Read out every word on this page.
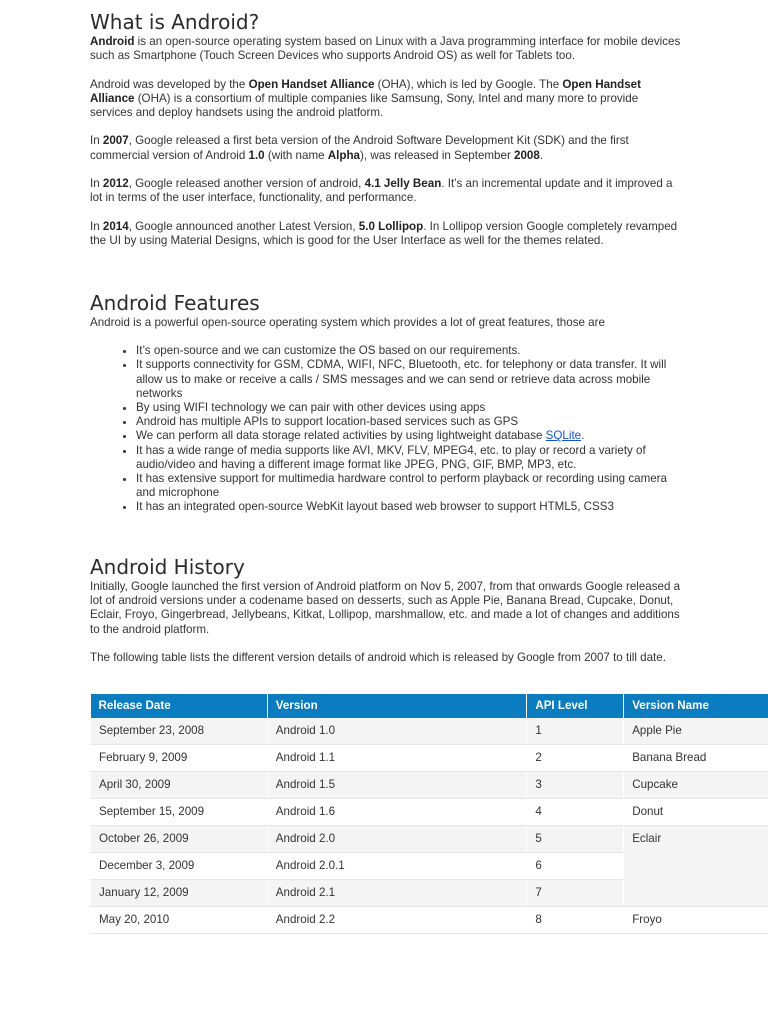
What is Android?

Android is an open-source operating system based on Linux with a Java programming interface for mobile devices such as Smartphone (Touch Screen Devices who supports Android OS) as well for Tablets too.

Android was developed by the Open Handset Alliance (OHA), which is led by Google. The Open Handset Alliance (OHA) is a consortium of multiple companies like Samsung, Sony, Intel and many more to provide services and deploy handsets using the android platform.

In 2007, Google released a first beta version of the Android Software Development Kit (SDK) and the first commercial version of Android 1.0 (with name Alpha), was released in September 2008.

In 2012, Google released another version of android, 4.1 Jelly Bean. It’s an incremental update and it improved a lot in terms of the user interface, functionality, and performance.

In 2014, Google announced another Latest Version, 5.0 Lollipop. In Lollipop version Google completely revamped the UI by using Material Designs, which is good for the User Interface as well for the themes related.

Android Features

Android is a powerful open-source operating system which provides a lot of great features, those are

• It’s open-source and we can customize the OS based on our requirements.
• It supports connectivity for GSM, CDMA, WIFI, NFC, Bluetooth, etc. for telephony or data transfer. It will allow us to make or receive a calls / SMS messages and we can send or retrieve data across mobile networks
• By using WIFI technology we can pair with other devices using apps
• Android has multiple APIs to support location-based services such as GPS
• We can perform all data storage related activities by using lightweight database SQLite.
• It has a wide range of media supports like AVI, MKV, FLV, MPEG4, etc. to play or record a variety of audio/video and having a different image format like JPEG, PNG, GIF, BMP, MP3, etc.
• It has extensive support for multimedia hardware control to perform playback or recording using camera and microphone
• It has an integrated open-source WebKit layout based web browser to support HTML5, CSS3
Android History

Initially, Google launched the first version of Android platform on Nov 5, 2007, from that onwards Google released a lot of android versions under a codename based on desserts, such as Apple Pie, Banana Bread, Cupcake, Donut, Eclair, Froyo, Gingerbread, Jellybeans, Kitkat, Lollipop, marshmallow, etc. and made a lot of changes and additions to the android platform.

The following table lists the different version details of android which is released by Google from 2007 to till date.

Release Date	Version	API Level	Version Name
September 23, 2008	Android 1.0	1	Apple Pie
February 9, 2009	Android 1.1	2	Banana Bread
April 30, 2009	Android 1.5	3	Cupcake
September 15, 2009	Android 1.6	4	Donut
October 26, 2009	Android 2.0	5	Eclair
December 3, 2009	Android 2.0.1	6	
January 12, 2009	Android 2.1	7	
May 20, 2010	Android 2.2	8	Froyo
